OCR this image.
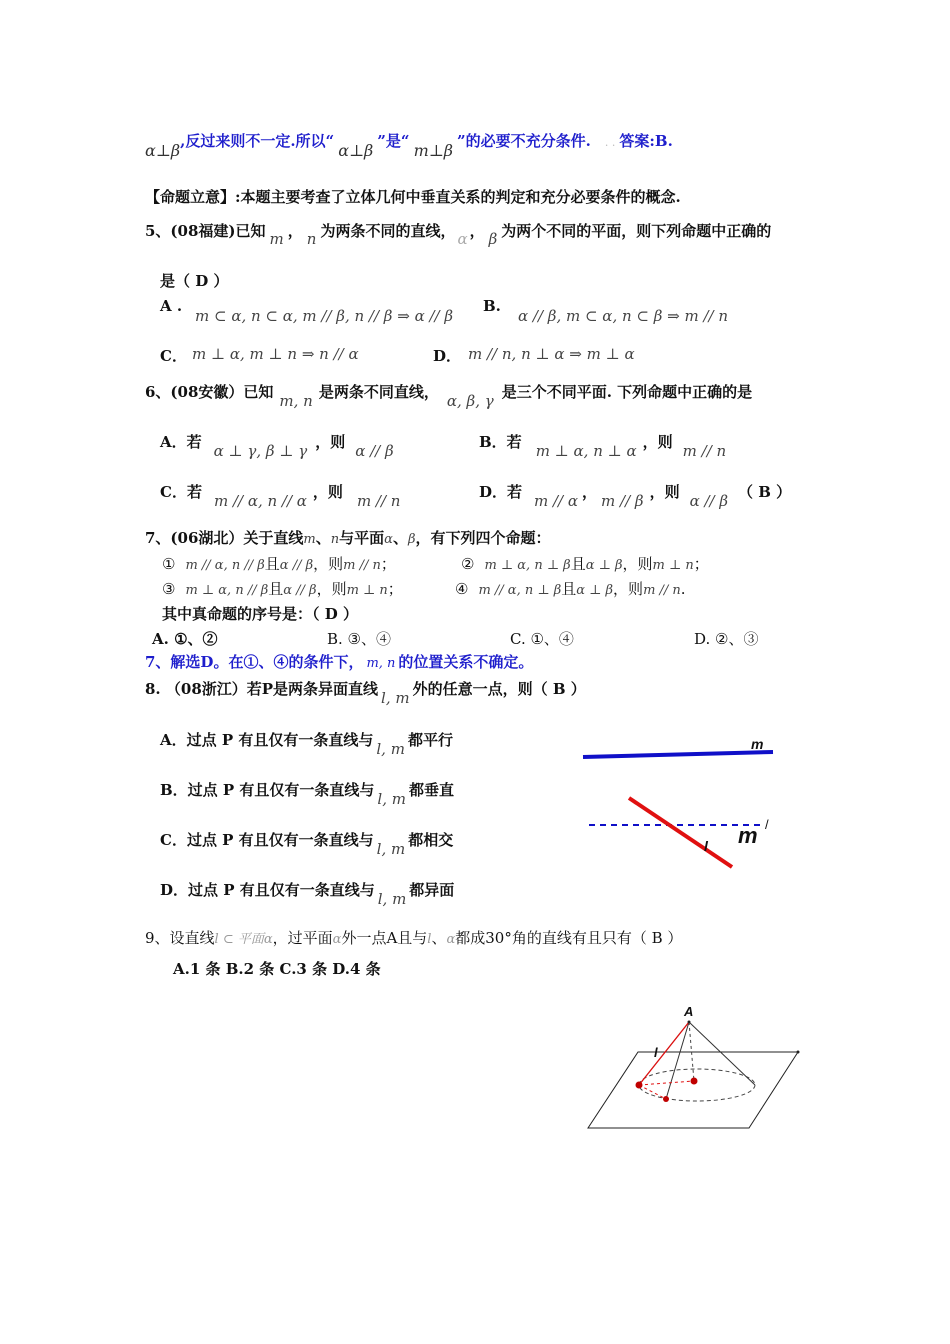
α⊥β,反过来则不一定.所以“ α⊥β ”是“ m⊥β ”的必要不充分条件. . . 答案:B.
【命题立意】:本题主要考查了立体几何中垂直关系的判定和充分必要条件的概念.
5、(08福建)已知 m ， n 为两条不同的直线， α ， β 为两个不同的平面，则下列命题中正确的
是（ D ）
A .
m ⊂ α, n ⊂ α, m // β, n // β ⇒ α // β
B.
α // β, m ⊂ α, n ⊂ β ⇒ m // n
C． m ⊥ α, m ⊥ n ⇒ n // α	D． m // n, n ⊥ α ⇒ m ⊥ α
6、(08安徽）已知 m, n 是两条不同直线， α, β, γ 是三个不同平面. 下列命题中正确的是
A．若 α ⊥ γ, β ⊥ γ ，则 α // β	B．若 m ⊥ α, n ⊥ α ，则 m // n
C．若 m // α, n // α ，则 m // n	D．若 m // α ， m // β ，则 α // β （ B ）
7、(06湖北）关于直线m、n与平面α、β，有下列四个命题：
① m // α, n // β且α // β，则m // n；	② m ⊥ α, n ⊥ β且α ⊥ β，则m ⊥ n；
③ m ⊥ α, n // β且α // β，则m ⊥ n；	④ m // α, n ⊥ β且α ⊥ β，则m // n.
其中真命题的序号是：（ D ）
A. ①、②	B. ③、④	C. ①、④	D. ②、③
7、解选D。在①、④的条件下， m, n 的位置关系不确定。
8. （08浙江）若P是两条异面直线 l, m 外的任意一点，则（ B ）
A．过点 P 有且仅有一条直线与 l, m 都平行
B．过点 P 有且仅有一条直线与 l, m 都垂直
C．过点 P 有且仅有一条直线与 l, m 都相交
D．过点 P 有且仅有一条直线与 l, m 都异面
m
l m /
9、设直线l ⊂ 平面α，过平面α外一点A且与l、α都成30°角的直线有且只有（ B ）
A.1 条 B.2 条 C.3 条 D.4 条
A
l
